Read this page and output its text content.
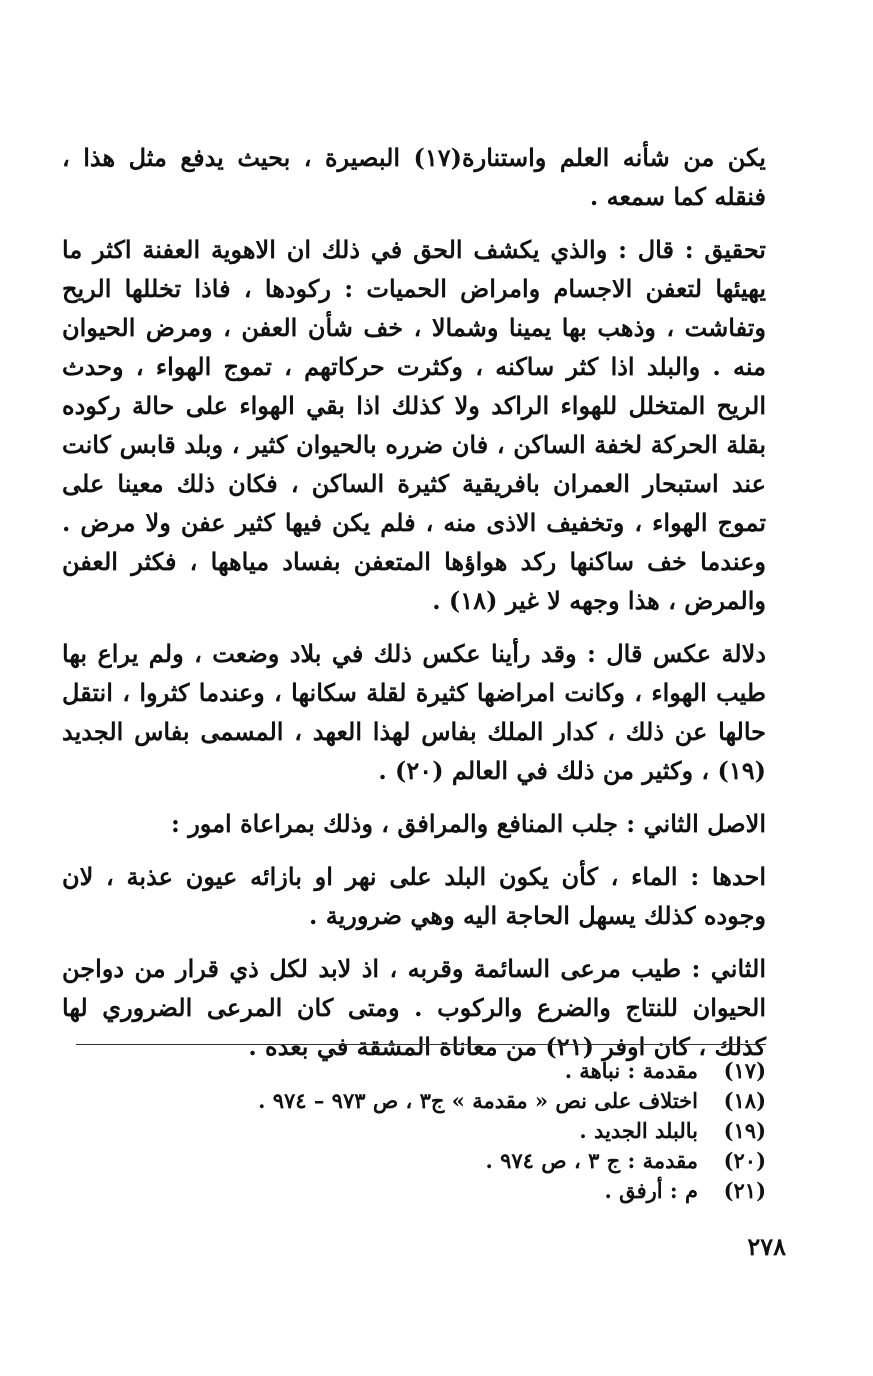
يكن من شأنه العلم واستنارة(١٧) البصيرة ، بحيث يدفع مثل هذا ، فنقله كما سمعه .

تحقيق : قال : والذي يكشف الحق في ذلك ان الاهوية العفنة اكثر ما يهيئها لتعفن الاجسام وامراض الحميات : ركودها ، فاذا تخللها الريح وتفاشت ، وذهب بها يمينا وشمالا ، خف شأن العفن ، ومرض الحيوان منه . والبلد اذا كثر ساكنه ، وكثرت حركاتهم ، تموج الهواء ، وحدث الريح المتخلل للهواء الراكد ولا كذلك اذا بقي الهواء على حالة ركوده بقلة الحركة لخفة الساكن ، فان ضرره بالحيوان كثير ، وبلد قابس كانت عند استبحار العمران بافريقية كثيرة الساكن ، فكان ذلك معينا على تموج الهواء ، وتخفيف الاذى منه ، فلم يكن فيها كثير عفن ولا مرض . وعندما خف ساكنها ركد هواؤها المتعفن بفساد مياهها ، فكثر العفن والمرض ، هذا وجهه لا غير (١٨) .

دلالة عكس قال : وقد رأينا عكس ذلك في بلاد وضعت ، ولم يراع بها طيب الهواء ، وكانت امراضها كثيرة لقلة سكانها ، وعندما كثروا ، انتقل حالها عن ذلك ، كدار الملك بفاس لهذا العهد ، المسمى بفاس الجديد (١٩) ، وكثير من ذلك في العالم (٢٠) .

الاصل الثاني : جلب المنافع والمرافق ، وذلك بمراعاة امور :

احدها : الماء ، كأن يكون البلد على نهر او بازائه عيون عذبة ، لان وجوده كذلك يسهل الحاجة اليه وهي ضرورية .

الثاني : طيب مرعى السائمة وقربه ، اذ لابد لكل ذي قرار من دواجن الحيوان للنتاج والضرع والركوب . ومتى كان المرعى الضروري لها كذلك ، كان اوفر (٢١) من معاناة المشقة في بعده .

(١٧)
مقدمة : نباهة .
(١٨)
اختلاف على نص « مقدمة » ج٣ ، ص ٩٧٣ – ٩٧٤ .
(١٩)
بالبلد الجديد .
(٢٠)
مقدمة : ج ٣ ، ص ٩٧٤ .
(٢١)
م : أرفق .
٢٧٨
